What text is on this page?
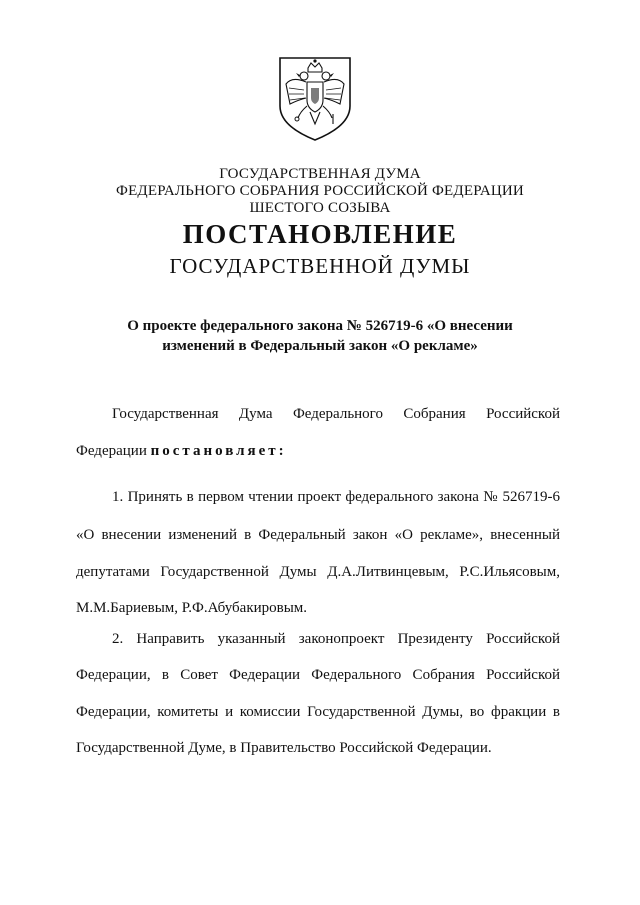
ГОСУДАРСТВЕННАЯ ДУМА
ФЕДЕРАЛЬНОГО СОБРАНИЯ РОССИЙСКОЙ ФЕДЕРАЦИИ
ШЕСТОГО СОЗЫВА
ПОСТАНОВЛЕНИЕ
ГОСУДАРСТВЕННОЙ ДУМЫ
О проекте федерального закона № 526719-6 «О внесении
изменений в Федеральный закон «О рекламе»
Государственная Дума Федерального Собрания Российской
Федерации постановляет:
1. Принять в первом чтении проект федерального закона № 526719-6
«О внесении изменений в Федеральный закон «О рекламе», внесенный
депутатами Государственной Думы Д.А.Литвинцевым, Р.С.Ильясовым,
М.М.Бариевым, Р.Ф.Абубакировым.
2. Направить указанный законопроект Президенту Российской
Федерации, в Совет Федерации Федерального Собрания Российской
Федерации, комитеты и комиссии Государственной Думы, во фракции в
Государственной Думе, в Правительство Российской Федерации.
